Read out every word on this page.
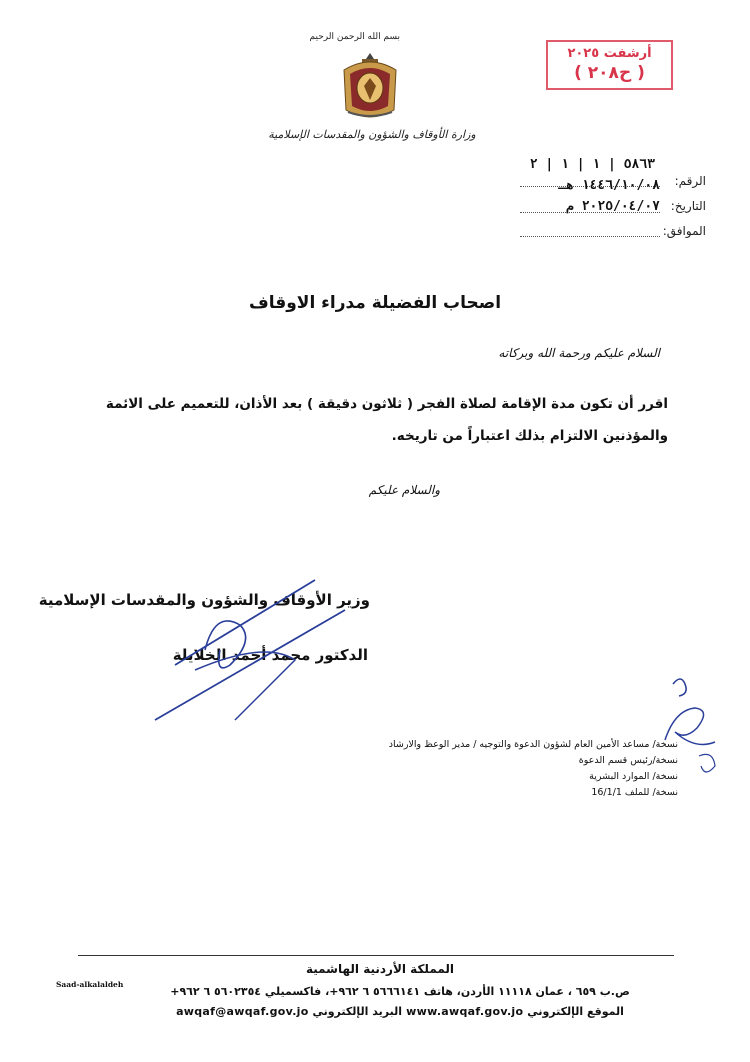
بسم الله الرحمن الرحيم
وزارة الأوقاف والشؤون والمقدسات الإسلامية
أرشفت ٢٠٢٥
( ح٢٠٨ )
٥٨٦٣ | ١ | ١ | ٢
الرقم:
١٤٤٦/١٠/٠٨ هـ
التاريخ:
٢٠٢٥/٠٤/٠٧ م
الموافق:
اصحاب الفضيلة مدراء الاوقاف
السلام عليكم ورحمة الله وبركاته
اقرر أن تكون مدة الإقامة لصلاة الفجر ( ثلاثون دقيقة ) بعد الأذان، للتعميم على الائمة
والمؤذنين الالتزام بذلك اعتباراً من تاريخه.
والسلام عليكم
وزير الأوقاف والشؤون والمقدسات الإسلامية
الدكتور محمد أحمد الخلايلة
نسخة/ مساعد الأمين العام لشؤون الدعوة والتوجيه / مدير الوعظ والارشاد
نسخة/رئيس قسم الدعوة
نسخة/ الموارد البشرية
نسخة/ للملف 16/1/1
المملكة الأردنية الهاشمية
Saad-alkalaldeh
ص.ب ٦٥٩ ، عمان ١١١١٨ الأردن، هاتف ٥٦٦٦١٤١ ٦ ٩٦٢+، فاكسميلي ٥٦٠٢٣٥٤ ٦ ٩٦٢+
الموقع الإلكتروني www.awqaf.gov.jo البريد الإلكتروني awqaf@awqaf.gov.jo
